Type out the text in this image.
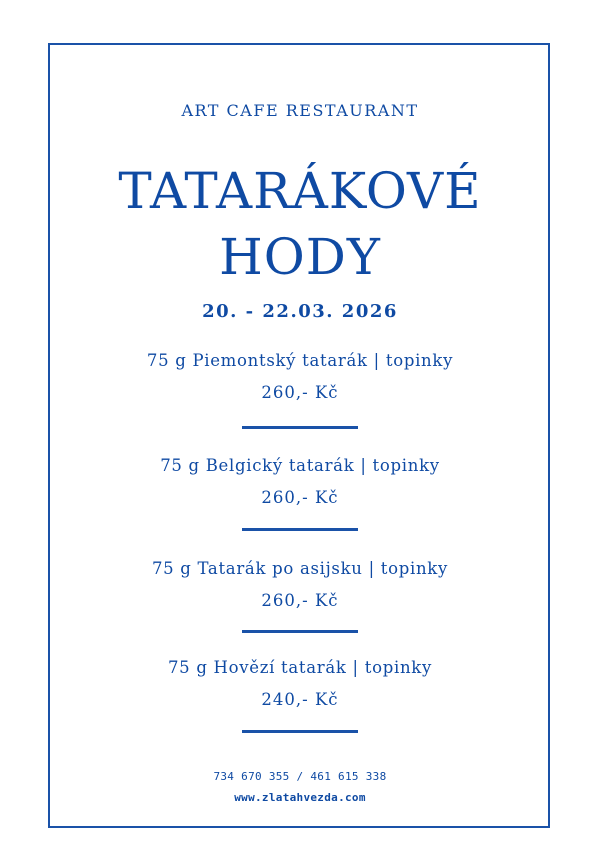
ART CAFE RESTAURANT
TATARÁKOVÉ
HODY
20. - 22.03. 2026
75 g Piemontský tatarák | topinky
260,- Kč
75 g Belgický tatarák | topinky
260,- Kč
75 g Tatarák po asijsku | topinky
260,- Kč
75 g Hovězí tatarák | topinky
240,- Kč
734 670 355 / 461 615 338
www.zlatahvezda.com
